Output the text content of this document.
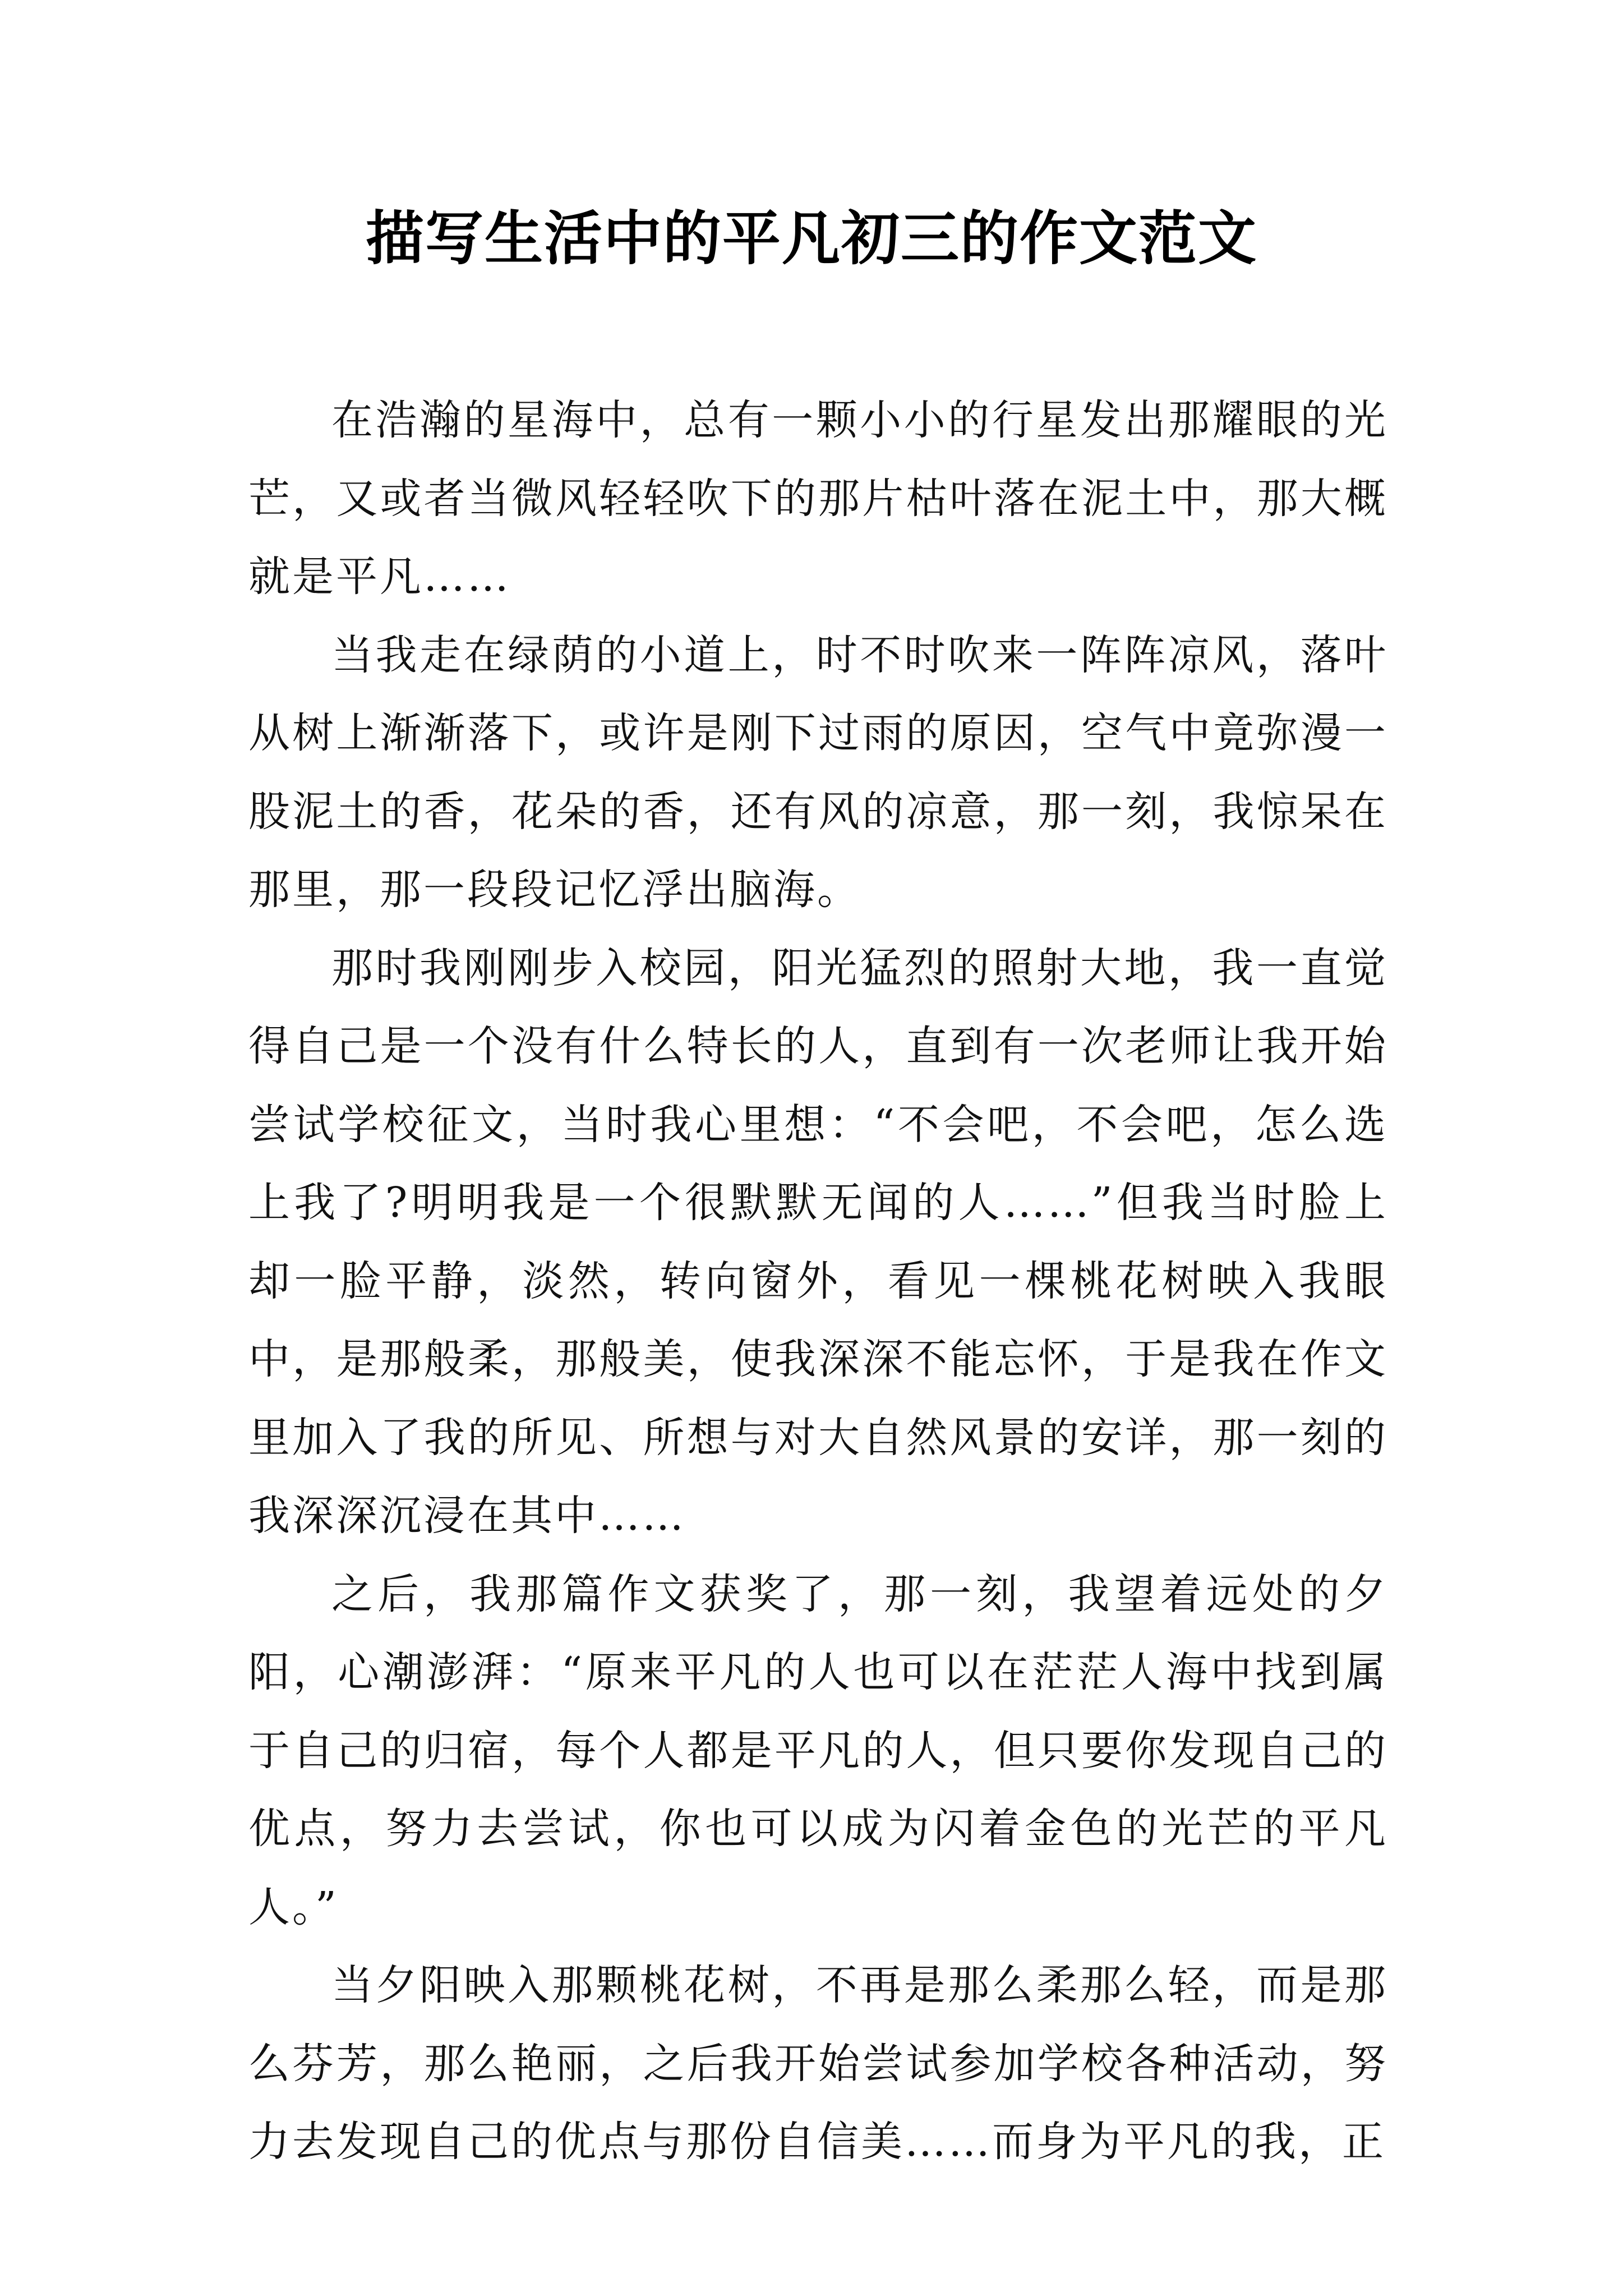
描写生活中的平凡初三的作文范文

在浩瀚的星海中，总有一颗小小的行星发出那耀眼的光芒，又或者当微风轻轻吹下的那片枯叶落在泥土中，那大概就是平凡……

当我走在绿荫的小道上，时不时吹来一阵阵凉风，落叶从树上渐渐落下，或许是刚下过雨的原因，空气中竟弥漫一股泥土的香，花朵的香，还有风的凉意，那一刻，我惊呆在那里，那一段段记忆浮出脑海。

那时我刚刚步入校园，阳光猛烈的照射大地，我一直觉得自己是一个没有什么特长的人，直到有一次老师让我开始尝试学校征文，当时我心里想：“不会吧，不会吧，怎么选上我了?明明我是一个很默默无闻的人……”但我当时脸上却一脸平静，淡然，转向窗外，看见一棵桃花树映入我眼中，是那般柔，那般美，使我深深不能忘怀，于是我在作文里加入了我的所见、所想与对大自然风景的安详，那一刻的我深深沉浸在其中……

之后，我那篇作文获奖了，那一刻，我望着远处的夕阳，心潮澎湃：“原来平凡的人也可以在茫茫人海中找到属于自己的归宿，每个人都是平凡的人，但只要你发现自己的优点，努力去尝试，你也可以成为闪着金色的光芒的平凡人。”

当夕阳映入那颗桃花树，不再是那么柔那么轻，而是那么芬芳，那么艳丽，之后我开始尝试参加学校各种活动，努力去发现自己的优点与那份自信美……而身为平凡的我，正
